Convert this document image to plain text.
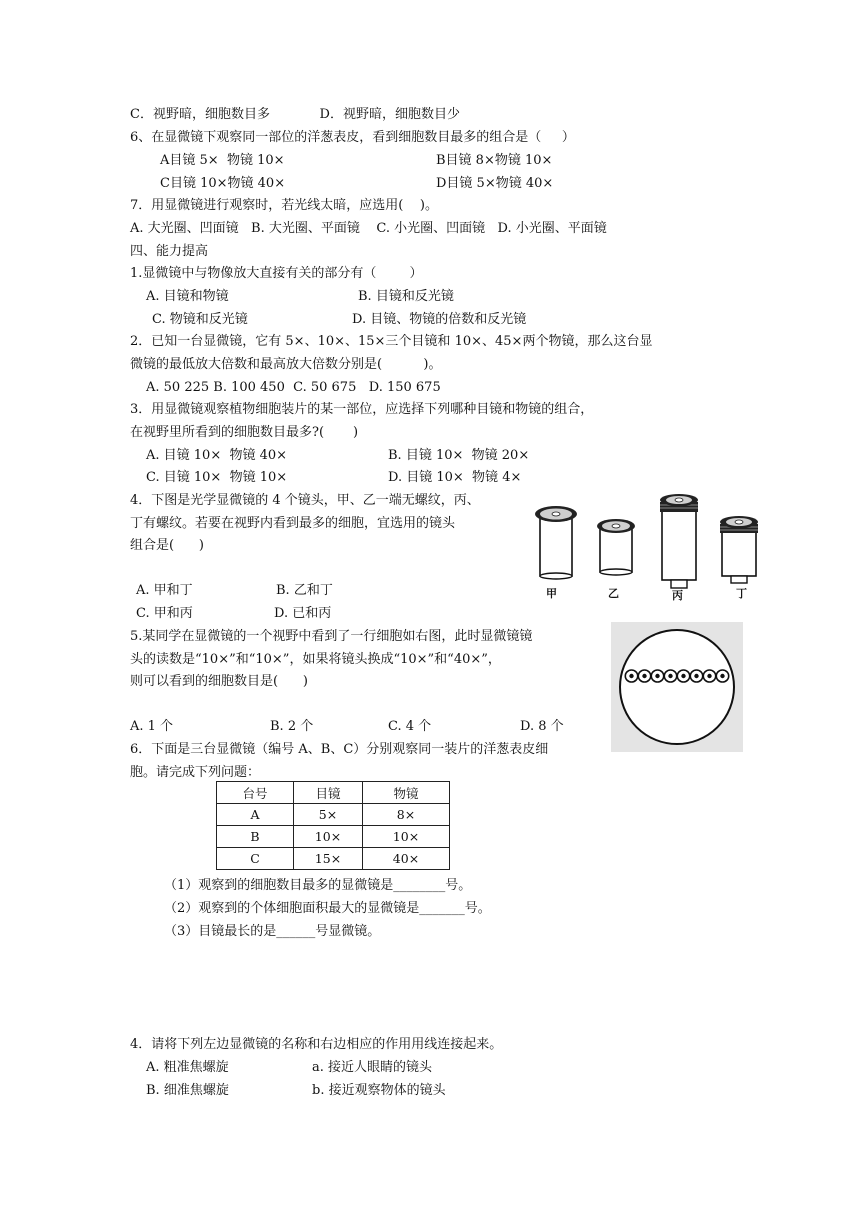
C．视野暗，细胞数目多            D．视野暗，细胞数目少
6、在显微镜下观察同一部位的洋葱表皮，看到细胞数目最多的组合是（     ）
A目镜 5×  物镜 10×	B目镜 8×物镜 10×
C目镜 10×物镜 40×	D目镜 5×物镜 40×
7．用显微镜进行观察时，若光线太暗，应选用(    )。
A. 大光圈、凹面镜   B. 大光圈、平面镜    C. 小光圈、凹面镜   D. 小光圈、平面镜
四、能力提高
1.显微镜中与物像放大直接有关的部分有（        ）
A. 目镜和物镜	B. 目镜和反光镜
C. 物镜和反光镜	D. 目镜、物镜的倍数和反光镜
2．已知一台显微镜，它有 5×、10×、15×三个目镜和 10×、45×两个物镜，那么这台显
微镜的最低放大倍数和最高放大倍数分别是(          )。
A. 50 225 B. 100 450  C. 50 675   D. 150 675
3．用显微镜观察植物细胞装片的某一部位，应选择下列哪种目镜和物镜的组合，
在视野里所看到的细胞数目最多?(       )
A. 目镜 10×  物镜 40×	B. 目镜 10×  物镜 20×
C. 目镜 10×  物镜 10×	D. 目镜 10×  物镜 4×
4．下图是光学显微镜的 4 个镜头，甲、乙一端无螺纹，丙、
丁有螺纹。若要在视野内看到最多的细胞，宜选用的镜头
组合是(      )
A. 甲和丁	B. 乙和丁
C. 甲和丙	D. 已和丙
5.某同学在显微镜的一个视野中看到了一行细胞如右图，此时显微镜镜
头的读数是“10×”和“10×”，如果将镜头换成“10×”和“40×”，
则可以看到的细胞数目是(      )
A. 1 个	B. 2 个	C. 4 个	D. 8 个
6．下面是三台显微镜（编号 A、B、C）分别观察同一装片的洋葱表皮细
胞。请完成下列问题：
台号	目镜	物镜
A	5×	8×
B	10×	10×
C	15×	40×
（1）观察到的细胞数目最多的显微镜是________号。
（2）观察到的个体细胞面积最大的显微镜是_______号。
（3）目镜最长的是______号显微镜。
4．请将下列左边显微镜的名称和右边相应的作用用线连接起来。
A. 粗准焦螺旋	a. 接近人眼睛的镜头
B. 细准焦螺旋	b. 接近观察物体的镜头
甲	乙	丙	丁
